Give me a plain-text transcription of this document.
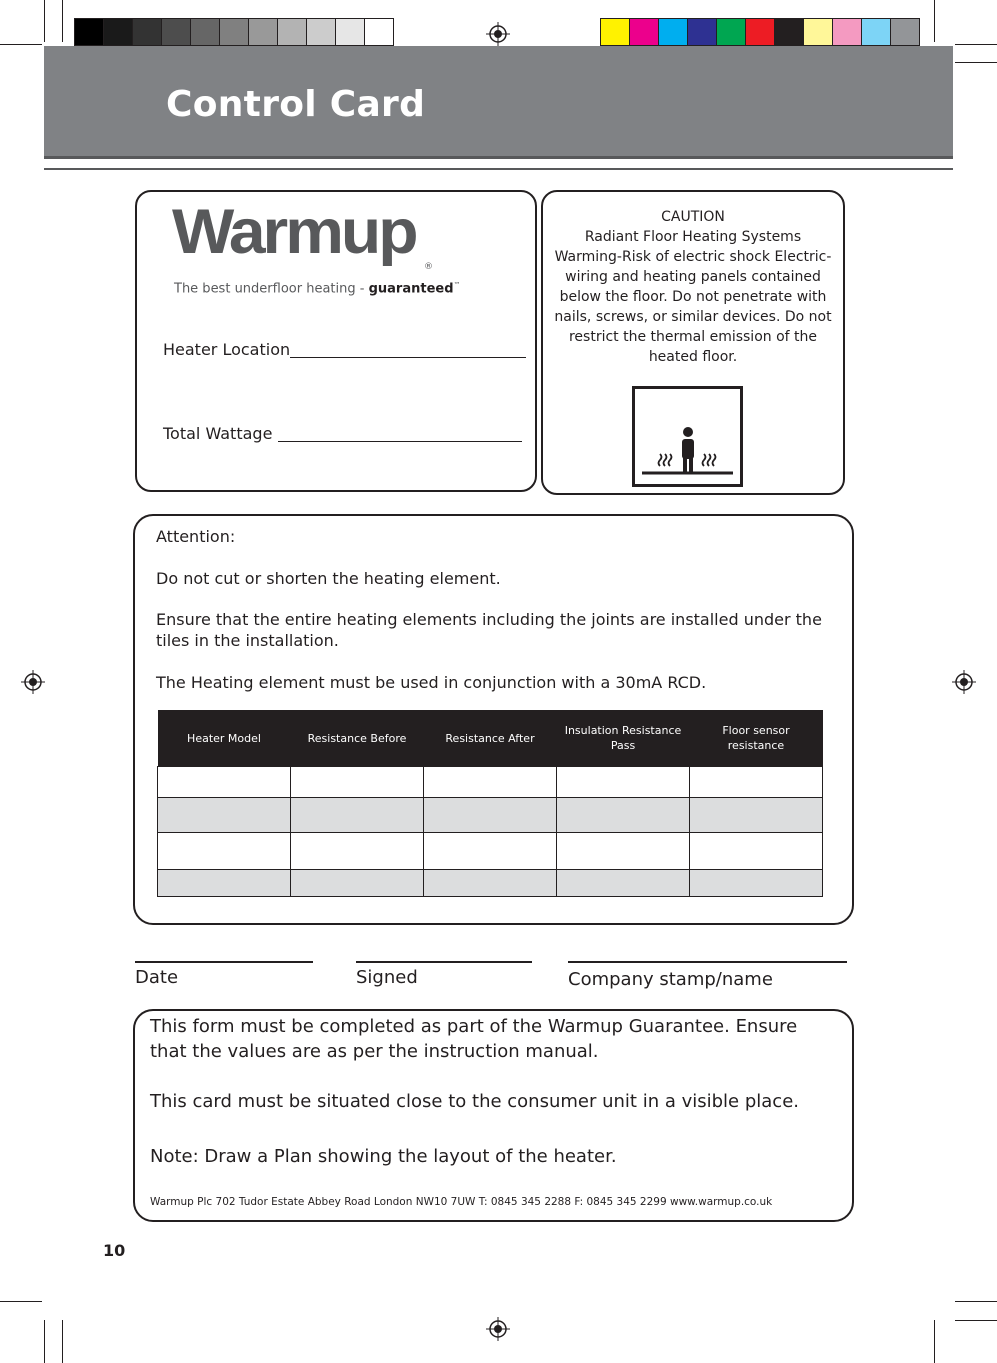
Control Card
Warmup
®
The best underfloor heating - guaranteed™
Heater Location
Total Wattage

CAUTION

Radiant Floor Heating Systems Warming-Risk of electric shock Electric-wiring and heating panels contained below the floor. Do not penetrate with nails, screws, or similar devices. Do not restrict the thermal emission of the heated floor.

Attention:
Do not cut or shorten the heating element.
Ensure that the entire heating elements including the joints are installed under the tiles in the installation.
The Heating element must be used in conjunction with a 30mA RCD.
Heater Model	Resistance Before	Resistance After	Insulation Resistance Pass	Floor sensor resistance

Date	Signed	Company stamp/name
This form must be completed as part of the Warmup Guarantee. Ensure that the values are as per the instruction manual.
This card must be situated close to the consumer unit in a visible place.
Note: Draw a Plan showing the layout of the heater.
Warmup Plc 702 Tudor Estate Abbey Road London NW10 7UW T: 0845 345 2288 F: 0845 345 2299 www.warmup.co.uk
10
